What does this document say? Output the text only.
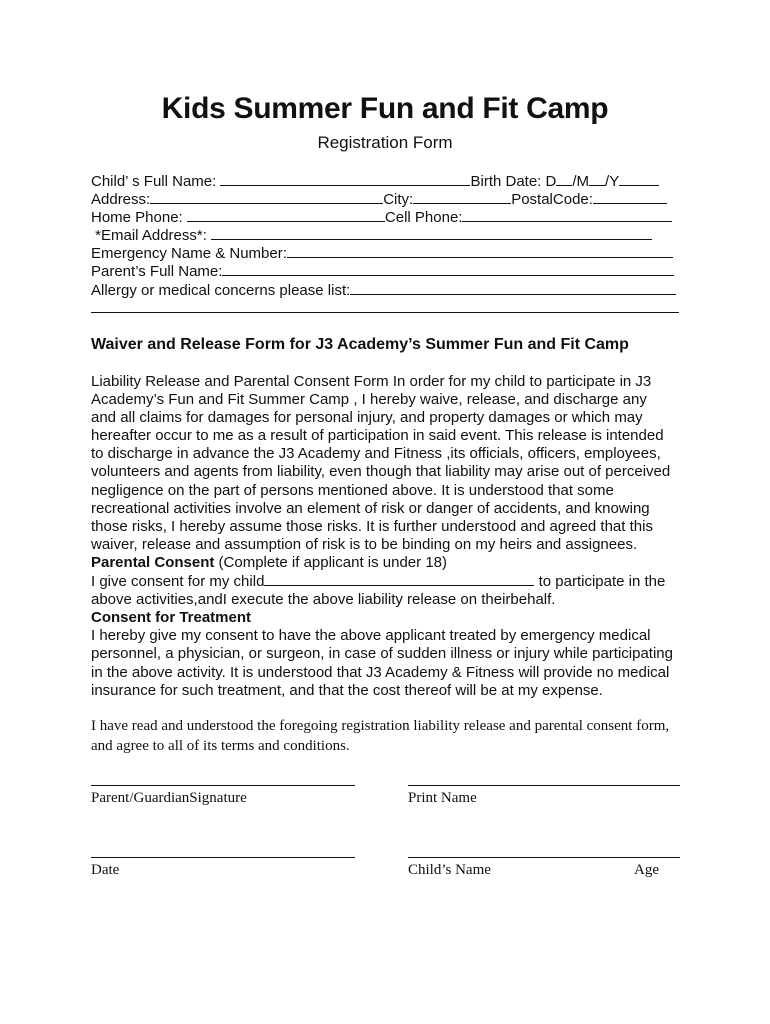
Kids Summer Fun and Fit Camp
Registration Form
Child’ s Full Name:	Birth Date: D /M /Y
Address:	City:	PostalCode:
Home Phone:	Cell Phone:
*Email Address*:
Emergency Name & Number:
Parent’s Full Name:
Allergy or medical concerns please list:
Waiver and Release Form for J3 Academy’s Summer Fun and Fit Camp

Liability Release and Parental Consent Form In order for my child to participate in J3

Academy’s Fun and Fit Summer Camp , I hereby waive, release, and discharge any

and all claims for damages for personal injury, and property damages or which may

hereafter occur to me as a result of participation in said event. This release is intended

to discharge in advance the J3 Academy and Fitness ,its officials, officers, employees,

volunteers and agents from liability, even though that liability may arise out of perceived

negligence on the part of persons mentioned above. It is understood that some

recreational activities involve an element of risk or danger of accidents, and knowing

those risks, I hereby assume those risks. It is further understood and agreed that this

waiver, release and assumption of risk is to be binding on my heirs and assignees.

Parental Consent (Complete if applicant is under 18)

I give consent for my child	to participate in the

above activities,andI execute the above liability release on theirbehalf.

Consent for Treatment

I hereby give my consent to have the above applicant treated by emergency medical

personnel, a physician, or surgeon, in case of sudden illness or injury while participating

in the above activity. It is understood that J3 Academy & Fitness will provide no medical

insurance for such treatment, and that the cost thereof will be at my expense.

I have read and understood the foregoing registration liability release and parental consent form,
and agree to all of its terms and conditions.
Parent/GuardianSignature	Print Name
Date	Child’s Name	Age
